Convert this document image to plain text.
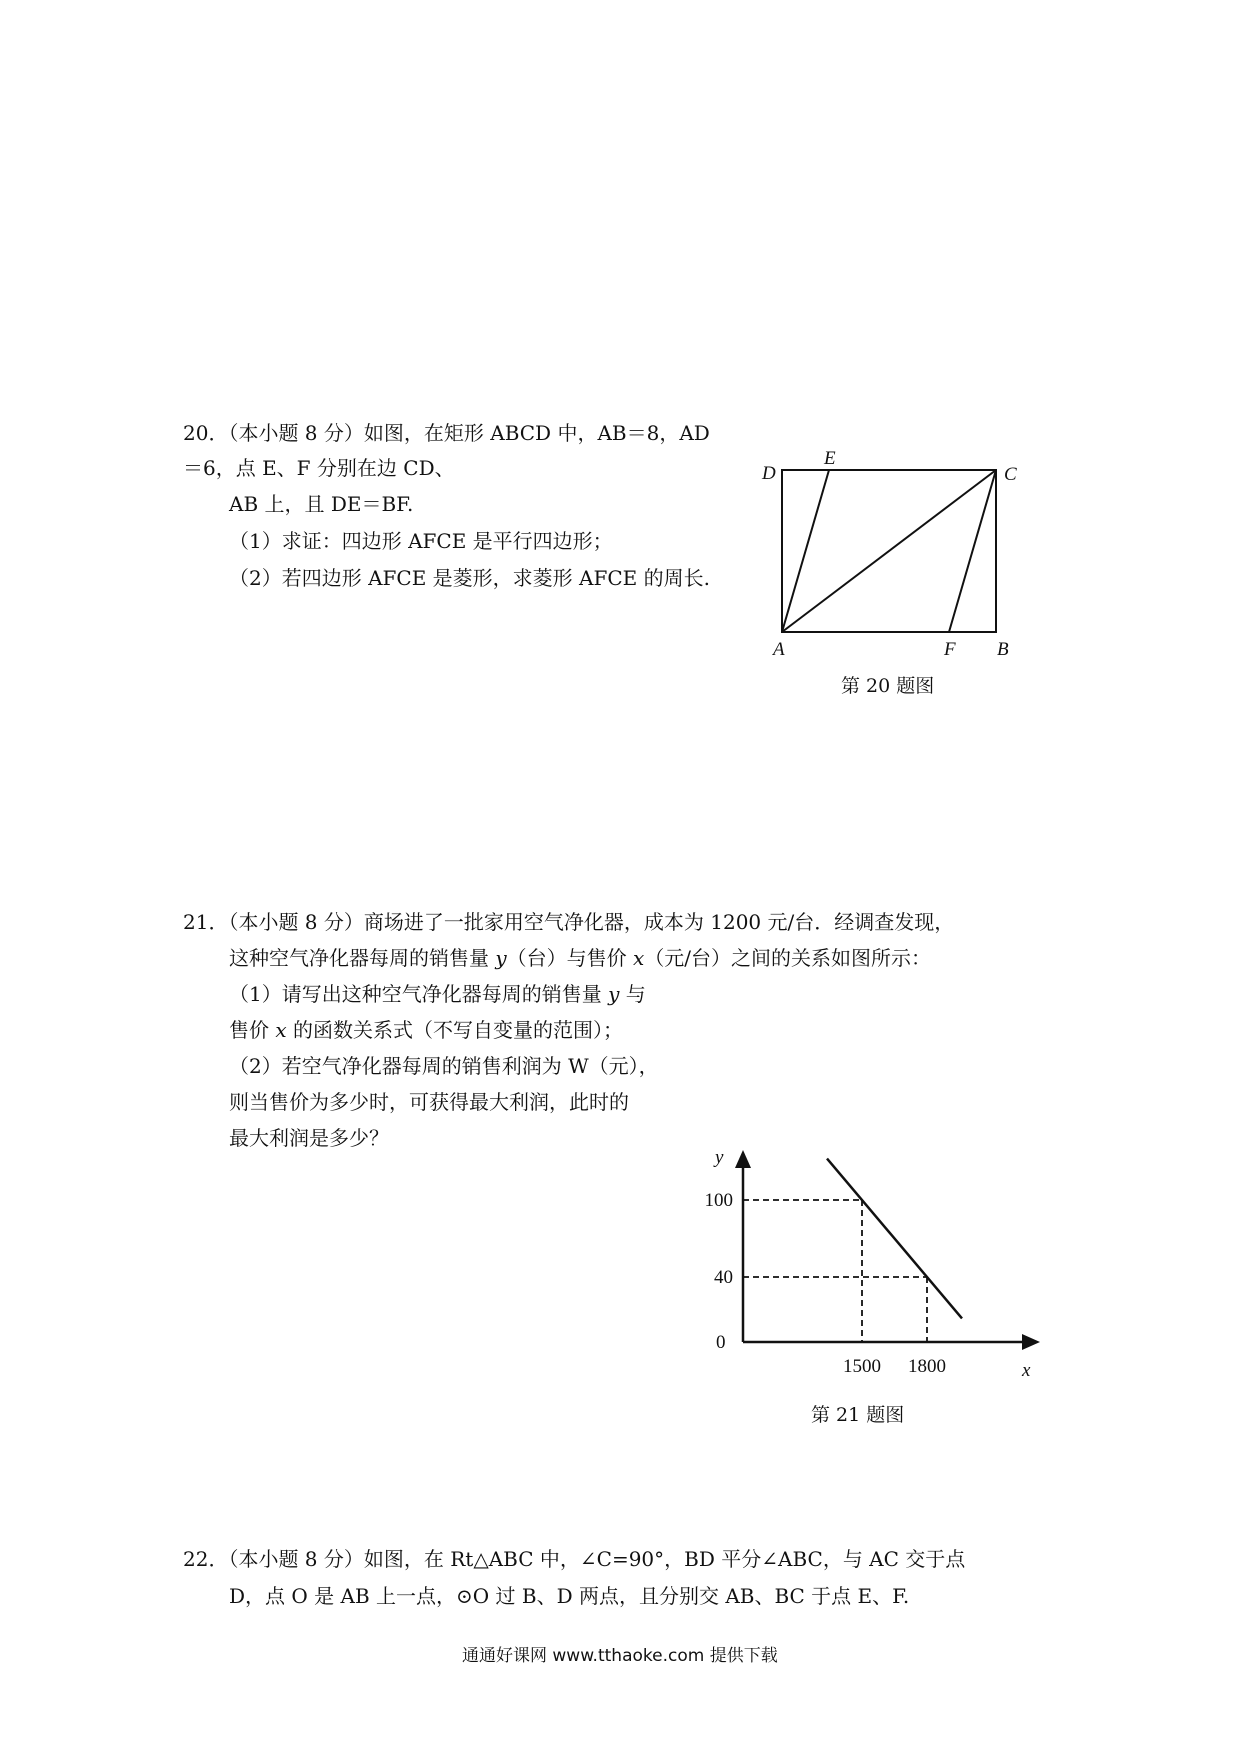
20．（本小题 8 分）如图，在矩形 ABCD 中，AB＝8，AD
＝6，点 E、F 分别在边 CD、
AB 上，且 DE＝BF.
（1）求证：四边形 AFCE 是平行四边形；
（2）若四边形 AFCE 是菱形，求菱形 AFCE 的周长.
D
E
C
A	F B
第 20 题图
21．（本小题 8 分）商场进了一批家用空气净化器，成本为 1200 元/台．经调查发现，
这种空气净化器每周的销售量 y（台）与售价 x（元/台）之间的关系如图所示：
（1）请写出这种空气净化器每周的销售量 y 与
售价 x 的函数关系式（不写自变量的范围）；
（2）若空气净化器每周的销售利润为 W（元），
则当售价为多少时，可获得最大利润，此时的
最大利润是多少？
1500 1800
100
40
y
x
0
第 21 题图
22．（本小题 8 分）如图，在 Rt△ABC 中，∠C=90°，BD 平分∠ABC，与 AC 交于点
D，点 O 是 AB 上一点，⊙O 过 B、D 两点，且分别交 AB、BC 于点 E、F.
通通好课网 www.tthaoke.com 提供下载
